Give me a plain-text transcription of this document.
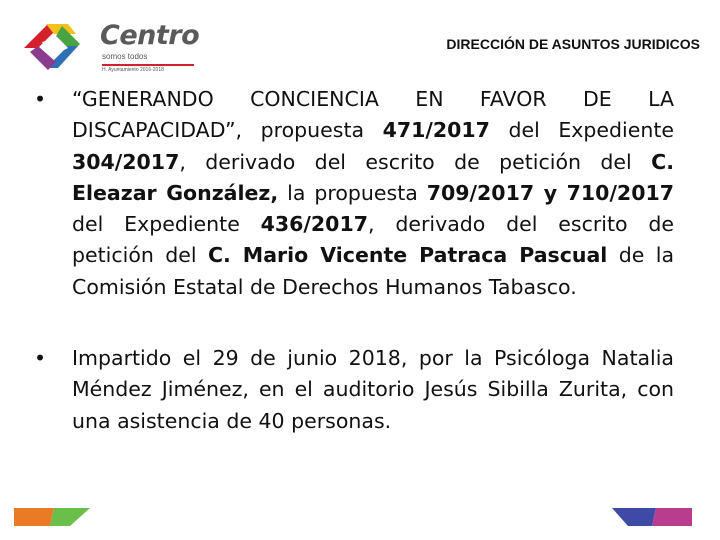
Centro
somos todos
H. Ayuntamiento 2016-2018
DIRECCIÓN DE ASUNTOS JURIDICOS
• “GENERANDO CONCIENCIA EN FAVOR DE LA DISCAPACIDAD”, propuesta 471/2017 del Expediente 304/2017, derivado del escrito de petición del C. Eleazar González, la propuesta 709/2017 y 710/2017 del Expediente 436/2017, derivado del escrito de petición del C. Mario Vicente Patraca Pascual de la Comisión Estatal de Derechos Humanos Tabasco.
• Impartido el 29 de junio 2018, por la Psicóloga Natalia Méndez Jiménez, en el auditorio Jesús Sibilla Zurita, con una asistencia de 40 personas.
